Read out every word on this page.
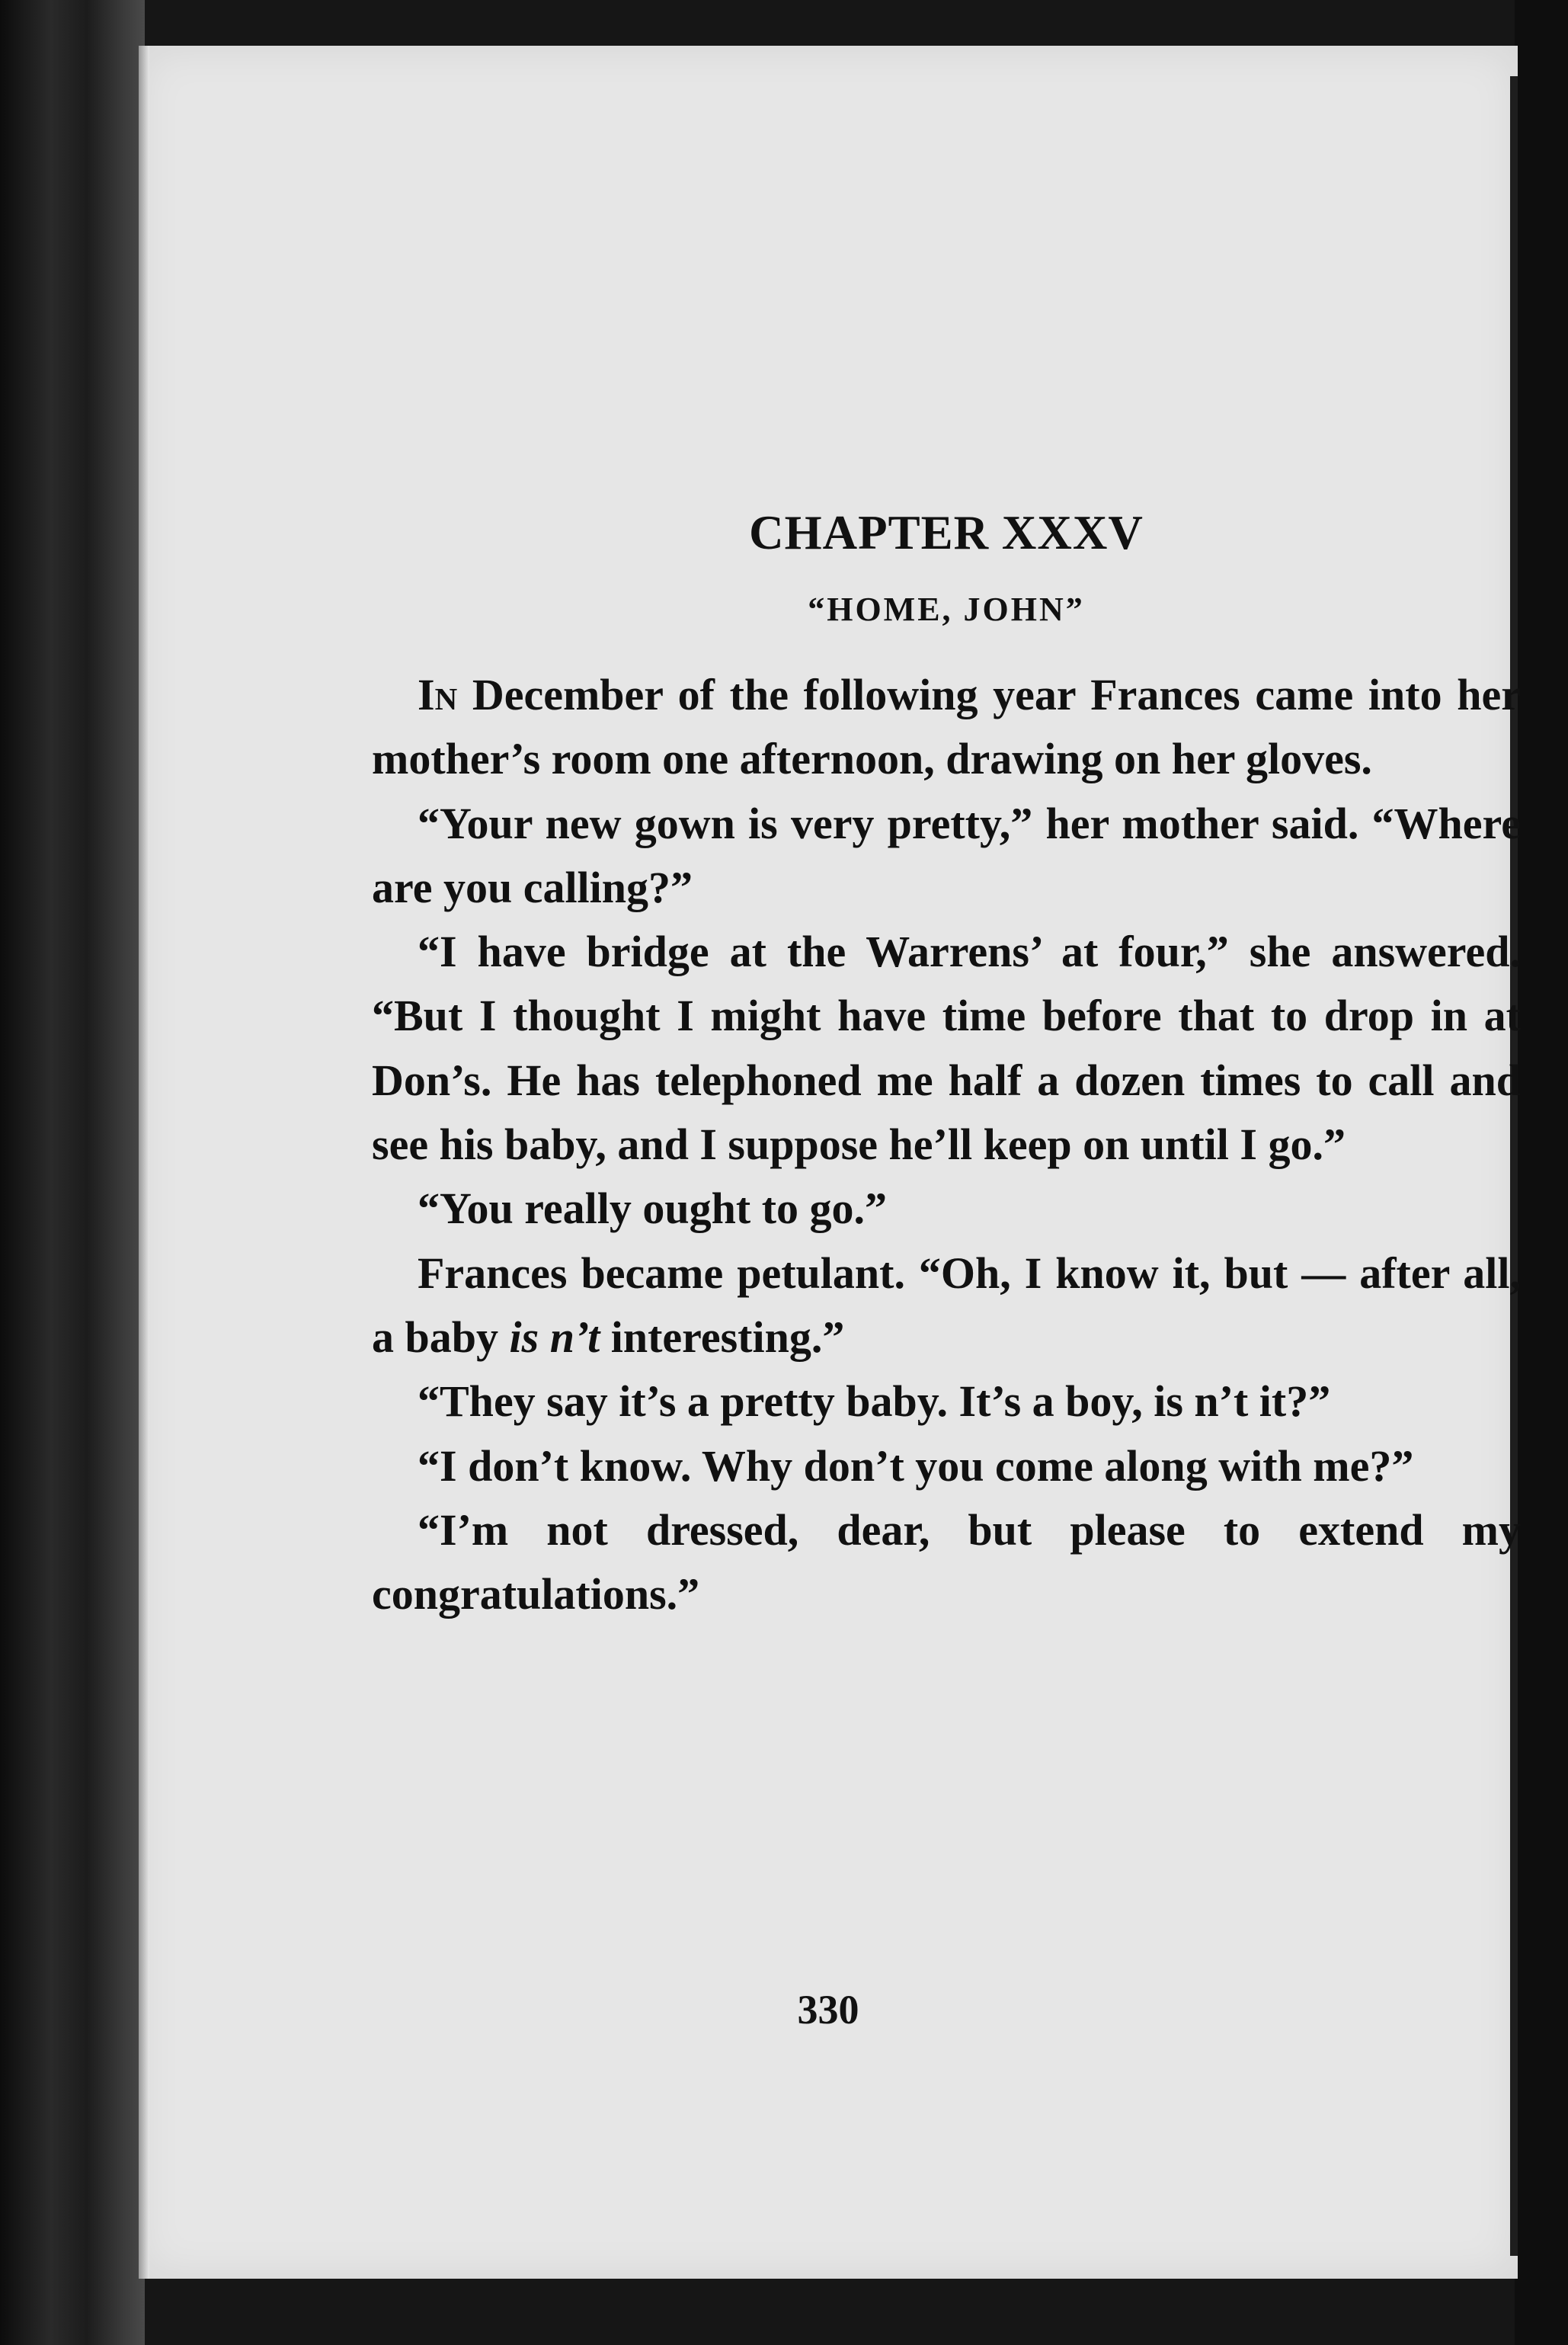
CHAPTER XXXV
“HOME, JOHN”

In December of the following year Frances came into her mother’s room one afternoon, drawing on her gloves.

“Your new gown is very pretty,” her mother said. “Where are you calling?”

“I have bridge at the Warrens’ at four,” she answered. “But I thought I might have time before that to drop in at Don’s. He has telephoned me half a dozen times to call and see his baby, and I suppose he’ll keep on until I go.”

“You really ought to go.”

Frances became petulant. “Oh, I know it, but — after all, a baby is n’t interesting.”

“They say it’s a pretty baby. It’s a boy, is n’t it?”

“I don’t know. Why don’t you come along with me?”

“I’m not dressed, dear, but please to extend my congratulations.”

330
